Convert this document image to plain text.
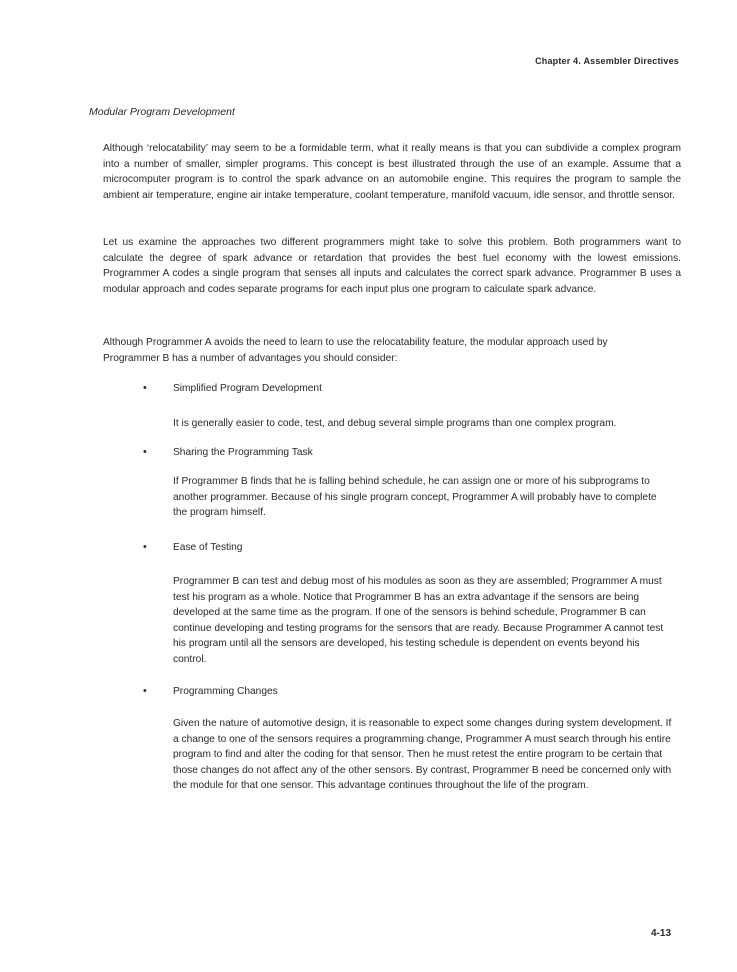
Chapter 4. Assembler Directives
Modular Program Development

Although ‘relocatability’ may seem to be a formidable term, what it really means is that you can subdivide a complex program into a number of smaller, simpler programs. This concept is best illustrated through the use of an example. Assume that a microcomputer program is to control the spark advance on an automobile engine. This requires the program to sample the ambient air temperature, engine air intake temperature, coolant temperature, manifold vacuum, idle sensor, and throttle sensor.

Let us examine the approaches two different programmers might take to solve this problem. Both programmers want to calculate the degree of spark advance or retardation that provides the best fuel economy with the lowest emissions. Programmer A codes a single program that senses all inputs and calculates the correct spark advance. Programmer B uses a modular approach and codes separate programs for each input plus one program to calculate spark advance.

Although Programmer A avoids the need to learn to use the relocatability feature, the modular approach used by Programmer B has a number of advantages you should consider:

•	Simplified Program Development

It is generally easier to code, test, and debug several simple programs than one complex program.

•	Sharing the Programming Task

If Programmer B finds that he is falling behind schedule, he can assign one or more of his subprograms to another programmer. Because of his single program concept, Programmer A will probably have to complete the program himself.

•	Ease of Testing

Programmer B can test and debug most of his modules as soon as they are assembled; Programmer A must test his program as a whole. Notice that Programmer B has an extra advantage if the sensors are being developed at the same time as the program. If one of the sensors is behind schedule, Programmer B can continue developing and testing programs for the sensors that are ready. Because Programmer A cannot test his program until all the sensors are developed, his testing schedule is dependent on events beyond his control.

•	Programming Changes

Given the nature of automotive design, it is reasonable to expect some changes during system development. If a change to one of the sensors requires a programming change, Programmer A must search through his entire program to find and alter the coding for that sensor. Then he must retest the entire program to be certain that those changes do not affect any of the other sensors. By contrast, Programmer B need be concerned only with the module for that one sensor. This advantage continues throughout the life of the program.

4-13
